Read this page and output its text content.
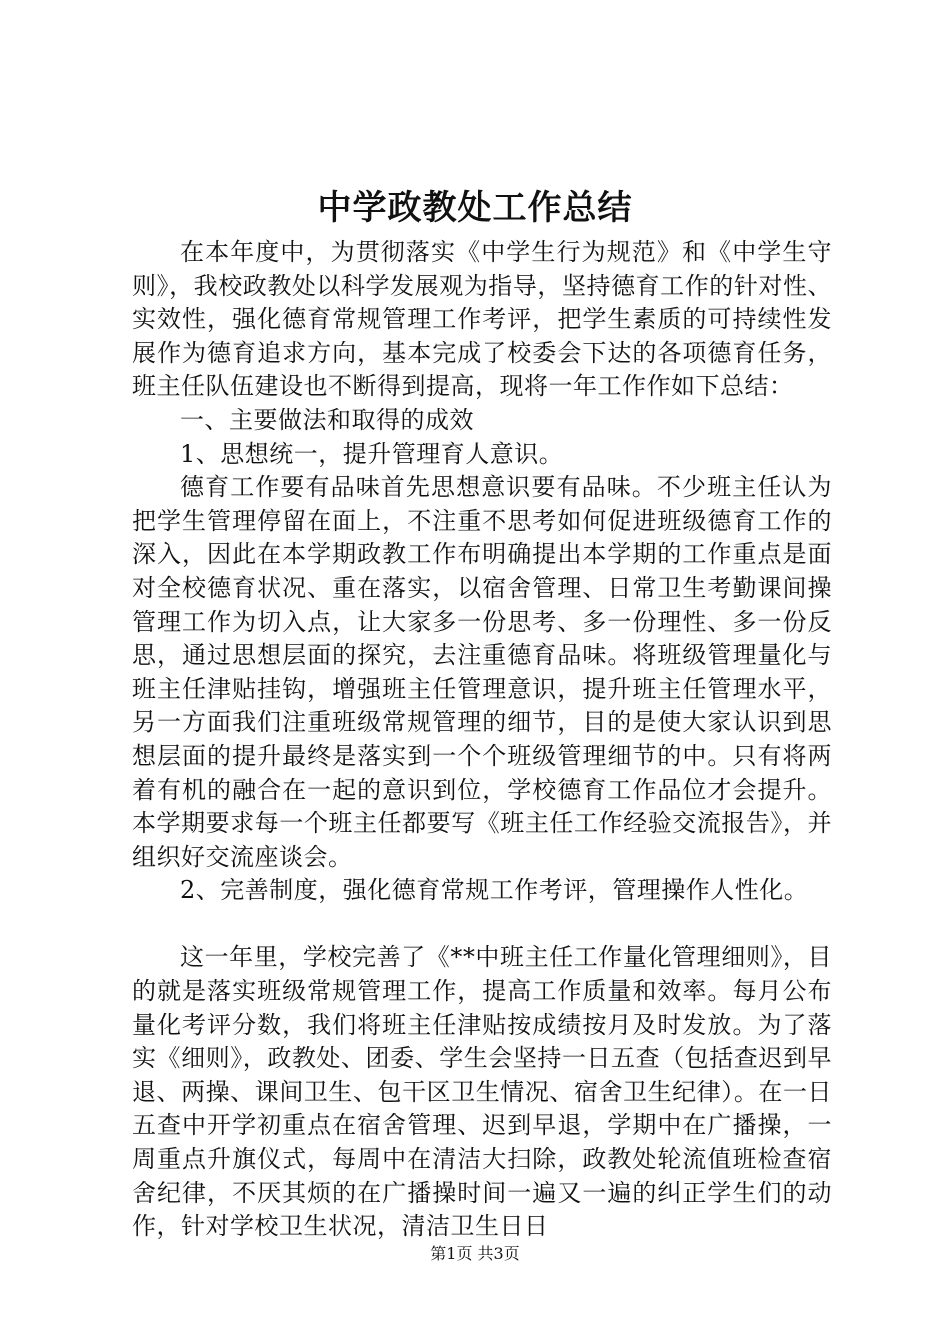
中学政教处工作总结

在本年度中，为贯彻落实《中学生行为规范》和《中学生守则》，我校政教处以科学发展观为指导，坚持德育工作的针对性、实效性，强化德育常规管理工作考评，把学生素质的可持续性发展作为德育追求方向，基本完成了校委会下达的各项德育任务，班主任队伍建设也不断得到提高，现将一年工作作如下总结：

一、主要做法和取得的成效

1、思想统一，提升管理育人意识。

德育工作要有品味首先思想意识要有品味。不少班主任认为把学生管理停留在面上，不注重不思考如何促进班级德育工作的深入，因此在本学期政教工作布明确提出本学期的工作重点是面对全校德育状况、重在落实，以宿舍管理、日常卫生考勤课间操管理工作为切入点，让大家多一份思考、多一份理性、多一份反思，通过思想层面的探究，去注重德育品味。将班级管理量化与班主任津贴挂钩，增强班主任管理意识，提升班主任管理水平，另一方面我们注重班级常规管理的细节，目的是使大家认识到思想层面的提升最终是落实到一个个班级管理细节的中。只有将两着有机的融合在一起的意识到位，学校德育工作品位才会提升。本学期要求每一个班主任都要写《班主任工作经验交流报告》，并组织好交流座谈会。

2、完善制度，强化德育常规工作考评，管理操作人性化。

这一年里，学校完善了《**中班主任工作量化管理细则》，目的就是落实班级常规管理工作，提高工作质量和效率。每月公布量化考评分数，我们将班主任津贴按成绩按月及时发放。为了落实《细则》，政教处、团委、学生会坚持一日五查（包括查迟到早退、两操、课间卫生、包干区卫生情况、宿舍卫生纪律）。在一日五查中开学初重点在宿舍管理、迟到早退，学期中在广播操，一周重点升旗仪式，每周中在清洁大扫除，政教处轮流值班检查宿舍纪律，不厌其烦的在广播操时间一遍又一遍的纠正学生们的动作，针对学校卫生状况，清洁卫生日日

第1页 共3页
